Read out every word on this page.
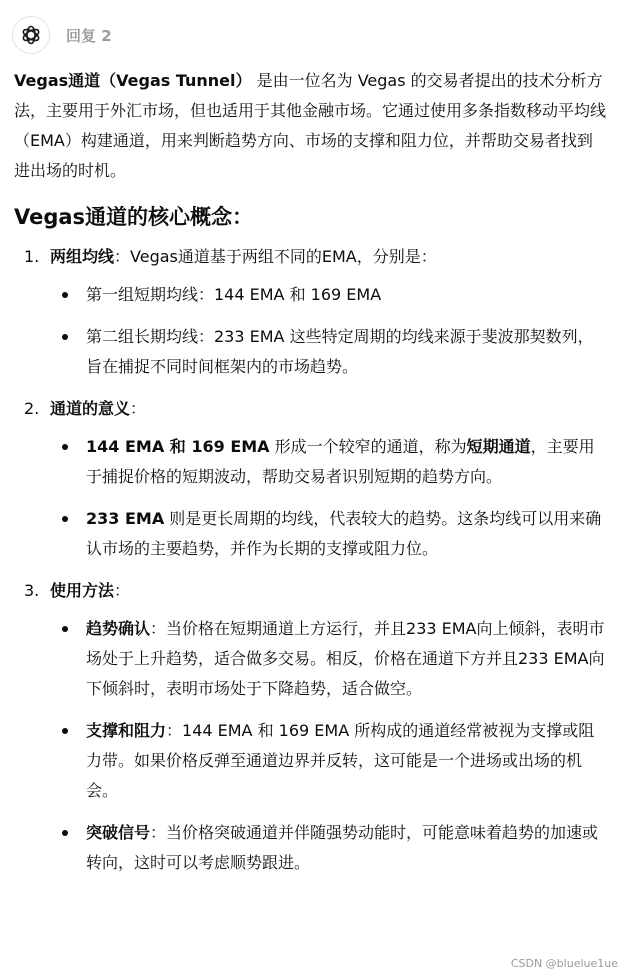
回复 2

Vegas通道（Vegas Tunnel） 是由一位名为 Vegas 的交易者提出的技术分析方法，主要用于外汇市场，但也适用于其他金融市场。它通过使用多条指数移动平均线（EMA）构建通道，用来判断趋势方向、市场的支撑和阻力位，并帮助交易者找到进出场的时机。

Vegas通道的核心概念：
1. 两组均线：Vegas通道基于两组不同的EMA，分别是：
第一组短期均线：144 EMA 和 169 EMA
第二组长期均线：233 EMA 这些特定周期的均线来源于斐波那契数列，旨在捕捉不同时间框架内的市场趋势。
2. 通道的意义：
144 EMA 和 169 EMA 形成一个较窄的通道，称为短期通道，主要用于捕捉价格的短期波动，帮助交易者识别短期的趋势方向。
233 EMA 则是更长周期的均线，代表较大的趋势。这条均线可以用来确认市场的主要趋势，并作为长期的支撑或阻力位。
3. 使用方法：
趋势确认：当价格在短期通道上方运行，并且233 EMA向上倾斜，表明市场处于上升趋势，适合做多交易。相反，价格在通道下方并且233 EMA向下倾斜时，表明市场处于下降趋势，适合做空。
支撑和阻力：144 EMA 和 169 EMA 所构成的通道经常被视为支撑或阻力带。如果价格反弹至通道边界并反转，这可能是一个进场或出场的机会。
突破信号：当价格突破通道并伴随强势动能时，可能意味着趋势的加速或转向，这时可以考虑顺势跟进。
CSDN @bluelue1ue
